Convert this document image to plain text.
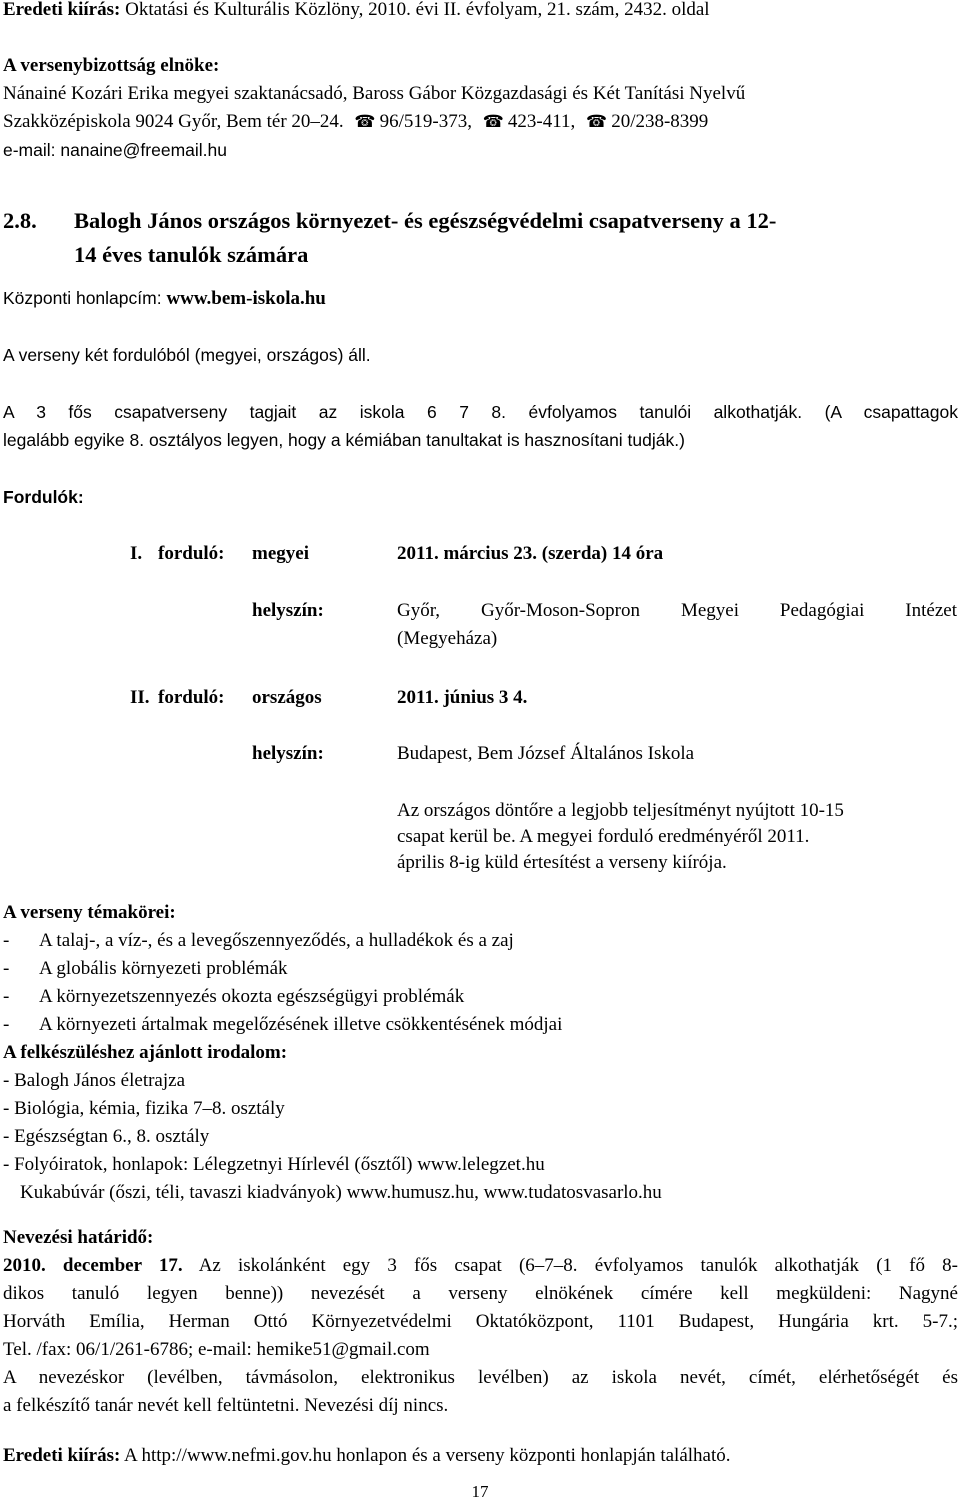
Eredeti kiírás: Oktatási és Kulturális Közlöny, 2010. évi II. évfolyam, 21. szám, 2432. oldal
A versenybizottság elnöke:
Nánainé Kozári Erika megyei szaktanácsadó, Baross Gábor Közgazdasági és Két Tanítási Nyelvű
Szakközépiskola 9024 Győr, Bem tér 20–24. ☎ 96/519-373, ☎ 423-411, ☎ 20/238-8399
e-mail: nanaine@freemail.hu
2.8. Balogh János országos környezet- és egészségvédelmi csapatverseny a 12-
14 éves tanulók számára
Központi honlapcím: www.bem-iskola.hu
A verseny két fordulóból (megyei, országos) áll.
A 3 fős csapatverseny tagjait az iskola 6 7 8. évfolyamos tanulói alkothatják. (A csapattagok
legalább egyike 8. osztályos legyen, hogy a kémiában tanultakat is hasznosítani tudják.)
Fordulók:
I.	forduló:	megyei	2011. március 23. (szerda) 14 óra
		helyszín:	Győr, Győr-Moson-Sopron Megyei Pedagógiai Intézet
(Megyeháza)

II.	forduló:	országos	2011. június 3 4.
		helyszín:	Budapest, Bem József Általános Iskola
Az országos döntőre a legjobb teljesítményt nyújtott 10-15
csapat kerül be. A megyei forduló eredményéről 2011.
április 8-ig küld értesítést a verseny kiírója.
A verseny témakörei:
- A talaj-, a víz-, és a levegőszennyeződés, a hulladékok és a zaj
- A globális környezeti problémák
- A környezetszennyezés okozta egészségügyi problémák
- A környezeti ártalmak megelőzésének illetve csökkentésének módjai
A felkészüléshez ajánlott irodalom:
- Balogh János életrajza
- Biológia, kémia, fizika 7–8. osztály
- Egészségtan 6., 8. osztály
- Folyóiratok, honlapok: Lélegzetnyi Hírlevél (ősztől) www.lelegzet.hu
Kukabúvár (őszi, téli, tavaszi kiadványok) www.humusz.hu, www.tudatosvasarlo.hu
Nevezési határidő:
2010. december 17. Az iskolánként egy 3 fős csapat (6–7–8. évfolyamos tanulók alkothatják (1 fő 8-
dikos tanuló legyen benne)) nevezését a verseny elnökének címére kell megküldeni: Nagyné
Horváth Emília, Herman Ottó Környezetvédelmi Oktatóközpont, 1101 Budapest, Hungária krt. 5-7.;
Tel. /fax: 06/1/261-6786; e-mail: hemike51@gmail.com
A nevezéskor (levélben, távmásolon, elektronikus levélben) az iskola nevét, címét, elérhetőségét és
a felkészítő tanár nevét kell feltüntetni. Nevezési díj nincs.
Eredeti kiírás: A http://www.nefmi.gov.hu honlapon és a verseny központi honlapján található.
17
